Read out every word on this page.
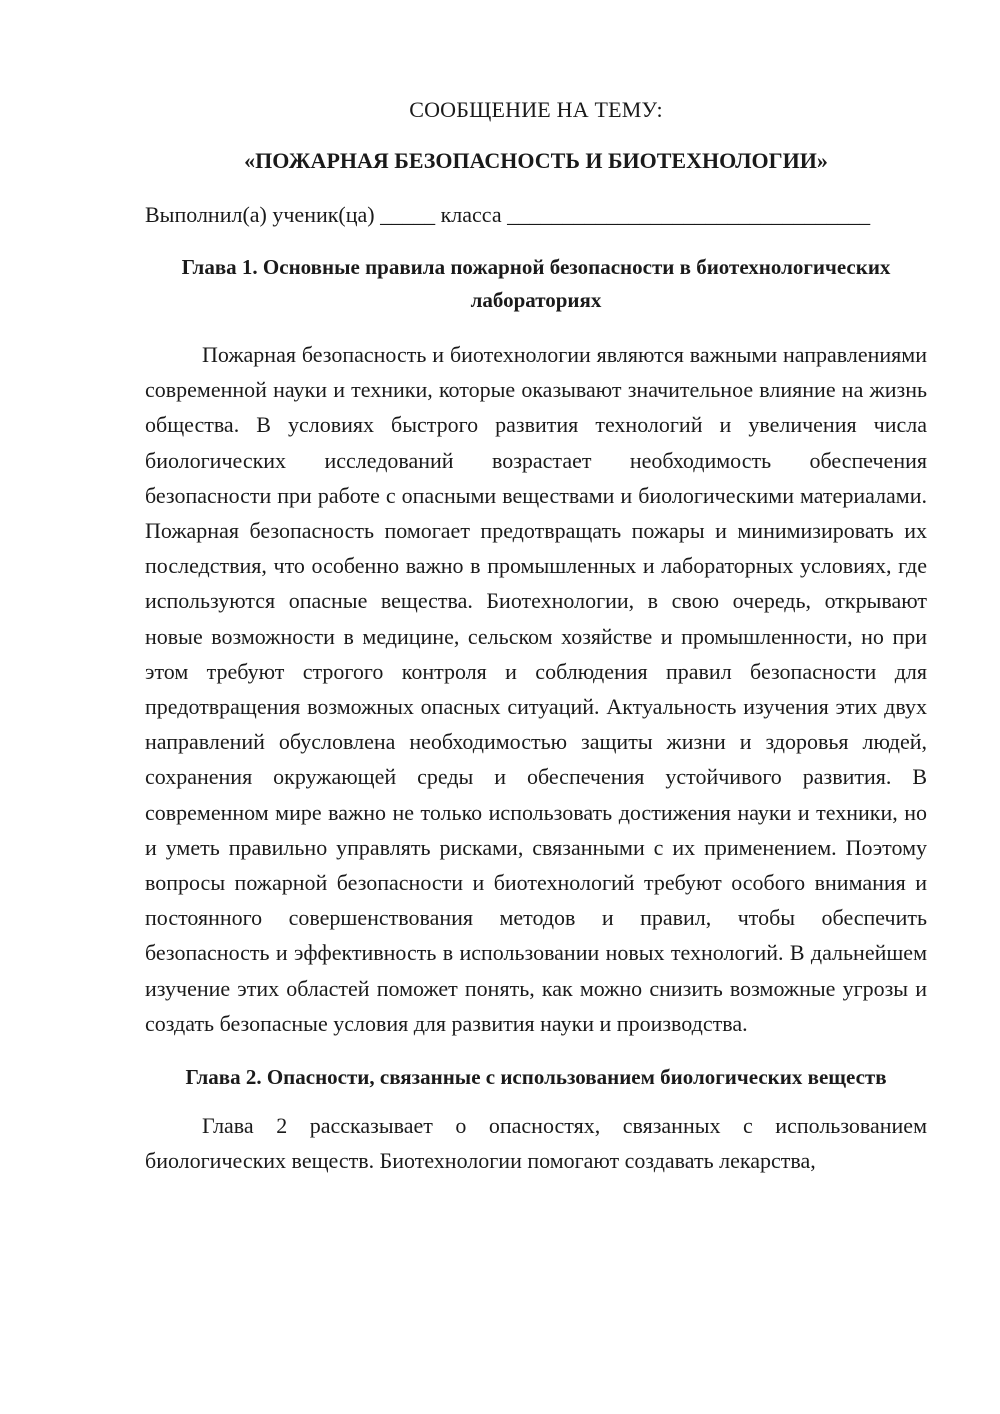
СООБЩЕНИЕ НА ТЕМУ:

«ПОЖАРНАЯ БЕЗОПАСНОСТЬ И БИОТЕХНОЛОГИИ»

Выполнил(а) ученик(ца) _____ класса _________________________________
Глава 1. Основные правила пожарной безопасности в биотехнологических лабораториях

Пожарная безопасность и биотехнологии являются важными направлениями современной науки и техники, которые оказывают значительное влияние на жизнь общества. В условиях быстрого развития технологий и увеличения числа биологических исследований возрастает необходимость обеспечения безопасности при работе с опасными веществами и биологическими материалами. Пожарная безопасность помогает предотвращать пожары и минимизировать их последствия, что особенно важно в промышленных и лабораторных условиях, где используются опасные вещества. Биотехнологии, в свою очередь, открывают новые возможности в медицине, сельском хозяйстве и промышленности, но при этом требуют строгого контроля и соблюдения правил безопасности для предотвращения возможных опасных ситуаций. Актуальность изучения этих двух направлений обусловлена необходимостью защиты жизни и здоровья людей, сохранения окружающей среды и обеспечения устойчивого развития. В современном мире важно не только использовать достижения науки и техники, но и уметь правильно управлять рисками, связанными с их применением. Поэтому вопросы пожарной безопасности и биотехнологий требуют особого внимания и постоянного совершенствования методов и правил, чтобы обеспечить безопасность и эффективность в использовании новых технологий. В дальнейшем изучение этих областей поможет понять, как можно снизить возможные угрозы и создать безопасные условия для развития науки и производства.

Глава 2. Опасности, связанные с использованием биологических веществ

Глава 2 рассказывает о опасностях, связанных с использованием биологических веществ. Биотехнологии помогают создавать лекарства,
